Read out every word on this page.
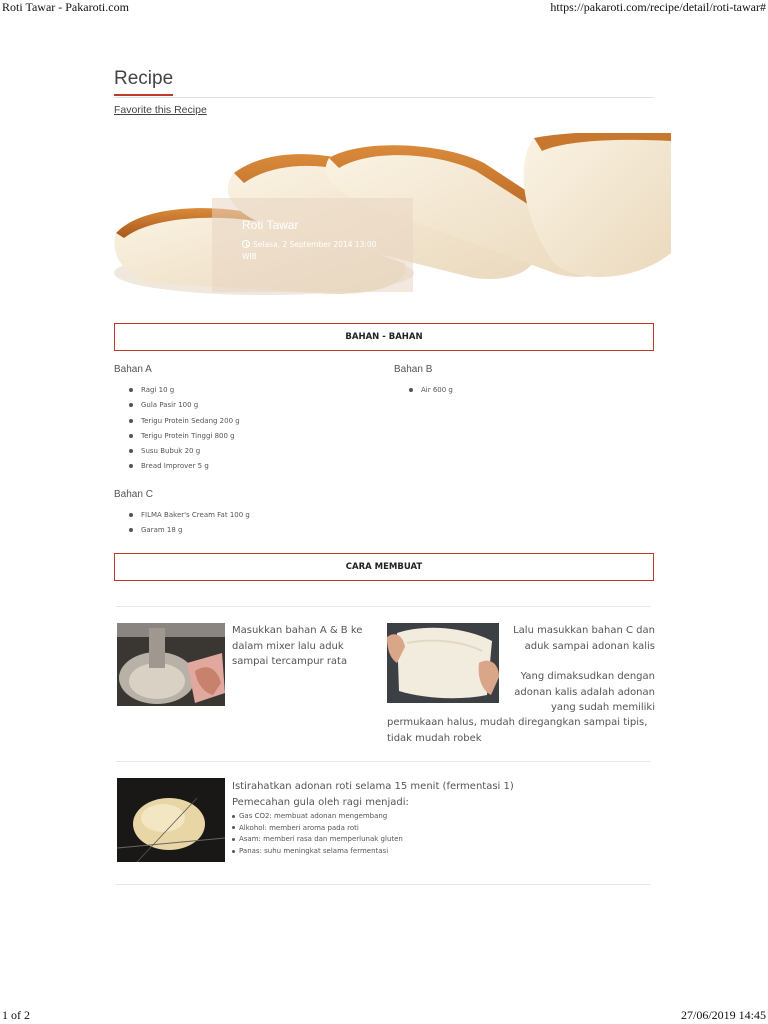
Roti Tawar - Pakaroti.com	https://pakaroti.com/recipe/detail/roti-tawar#
1 of 2	27/06/2019 14:45
Recipe
Favorite this Recipe
Roti Tawar
Selasa, 2 September 2014 13:00 WIB
BAHAN - BAHAN
Bahan A
Ragi 10 g
Gula Pasir 100 g
Terigu Protein Sedang 200 g
Terigu Protein Tinggi 800 g
Susu Bubuk 20 g
Bread Improver 5 g
Bahan B
Air 600 g
Bahan C
FILMA Baker's Cream Fat 100 g
Garam 18 g
CARA MEMBUAT
Masukkan bahan A & B ke dalam mixer lalu aduk sampai tercampur rata
Lalu masukkan bahan C dan aduk sampai adonan kalis
Yang dimaksudkan dengan adonan kalis adalah adonan yang sudah memiliki
permukaan halus, mudah diregangkan sampai tipis, tidak mudah robek
Istirahatkan adonan roti selama 15 menit (fermentasi 1)
Pemecahan gula oleh ragi menjadi:
Gas CO2: membuat adonan mengembang
Alkohol: memberi aroma pada roti
Asam: memberi rasa dan memperlunak gluten
Panas: suhu meningkat selama fermentasi
